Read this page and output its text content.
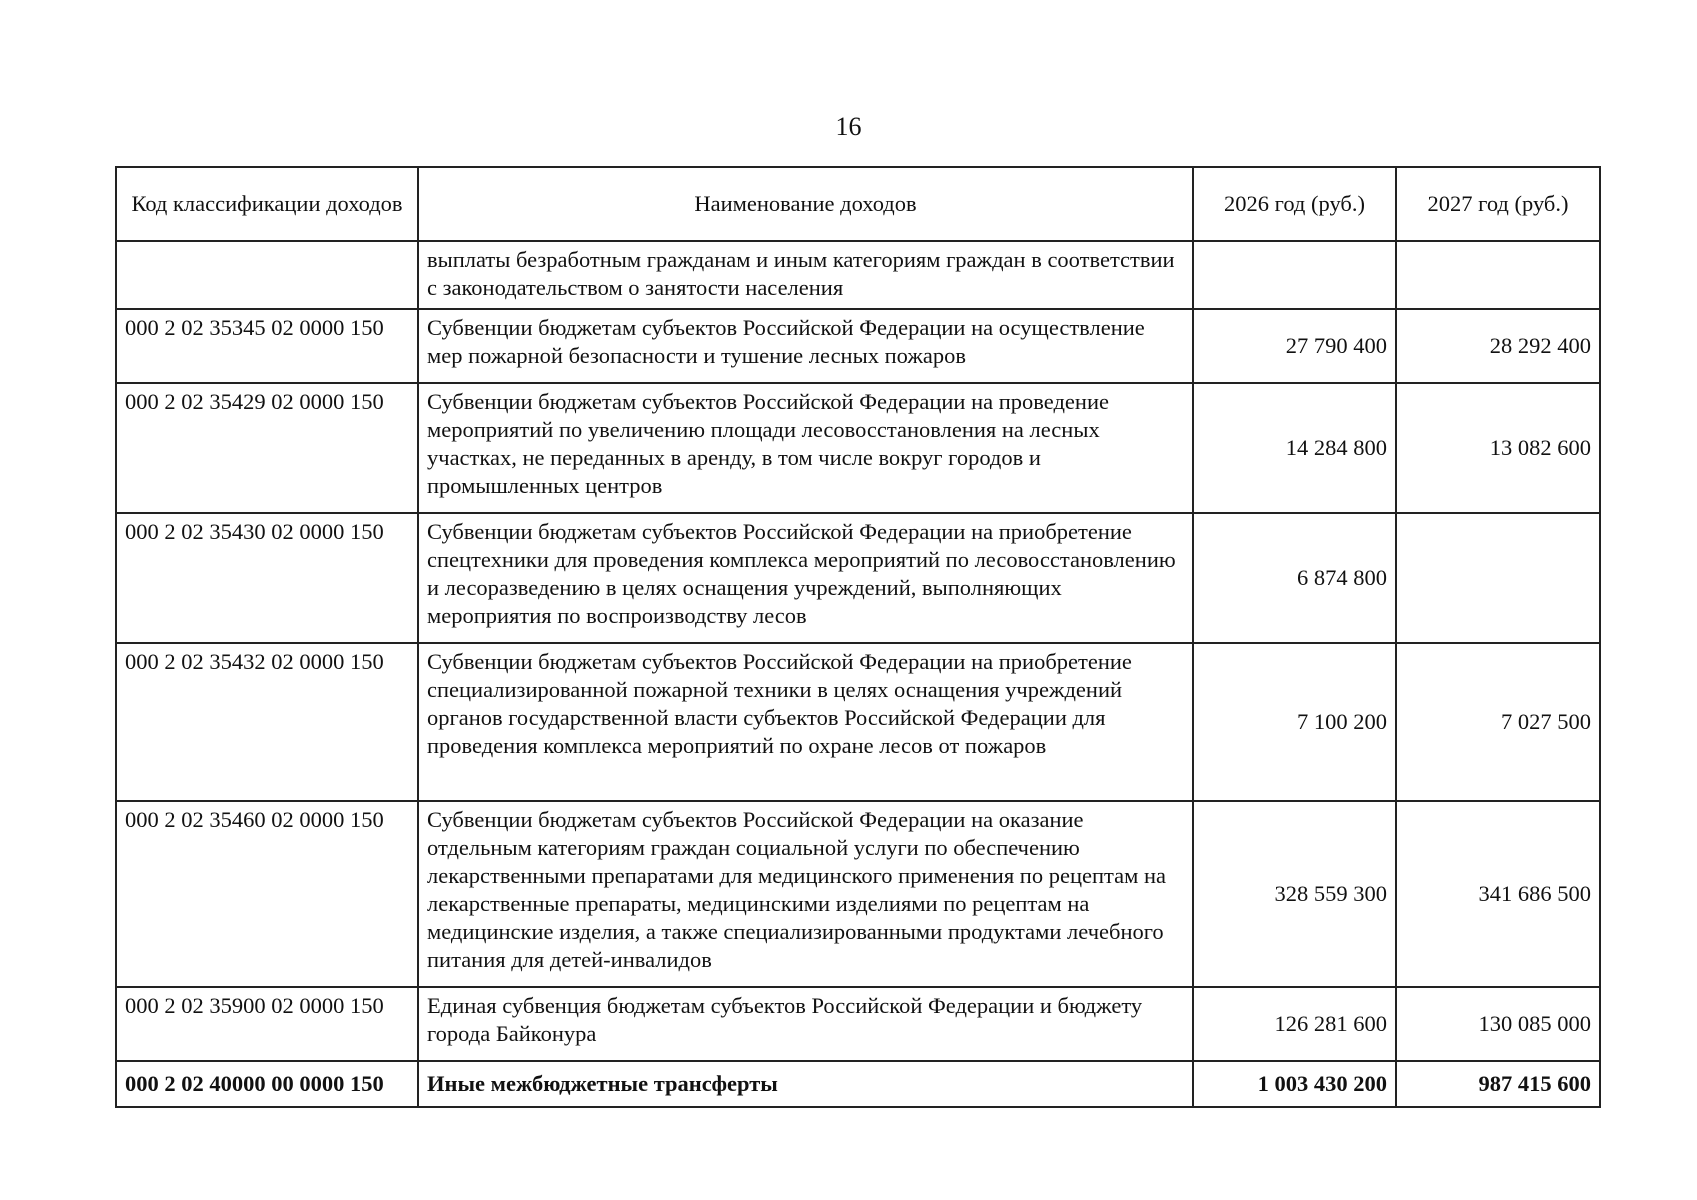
16
Код классификации доходов	Наименование доходов	2026 год (руб.)	2027 год (руб.)
	выплаты безработным гражданам и иным категориям граждан в соответствии с законодательством о занятости населения		
000 2 02 35345 02 0000 150	Субвенции бюджетам субъектов Российской Федерации на осуществление мер пожарной безопасности и тушение лесных пожаров	27 790 400	28 292 400
000 2 02 35429 02 0000 150	Субвенции бюджетам субъектов Российской Федерации на проведение мероприятий по увеличению площади лесовосстановления на лесных участках, не переданных в аренду, в том числе вокруг городов и промышленных центров	14 284 800	13 082 600
000 2 02 35430 02 0000 150	Субвенции бюджетам субъектов Российской Федерации на приобретение спецтехники для проведения комплекса мероприятий по лесовосстановлению и лесоразведению в целях оснащения учреждений, выполняющих мероприятия по воспроизводству лесов	6 874 800	
000 2 02 35432 02 0000 150	Субвенции бюджетам субъектов Российской Федерации на приобретение специализированной пожарной техники в целях оснащения учреждений органов государственной власти субъектов Российской Федерации для проведения комплекса мероприятий по охране лесов от пожаров	7 100 200	7 027 500
000 2 02 35460 02 0000 150	Субвенции бюджетам субъектов Российской Федерации на оказание отдельным категориям граждан социальной услуги по обеспечению лекарственными препаратами для медицинского применения по рецептам на лекарственные препараты, медицинскими изделиями по рецептам на медицинские изделия, а также специализированными продуктами лечебного питания для детей-инвалидов	328 559 300	341 686 500
000 2 02 35900 02 0000 150	Единая субвенция бюджетам субъектов Российской Федерации и бюджету города Байконура	126 281 600	130 085 000
000 2 02 40000 00 0000 150	Иные межбюджетные трансферты	1 003 430 200	987 415 600
